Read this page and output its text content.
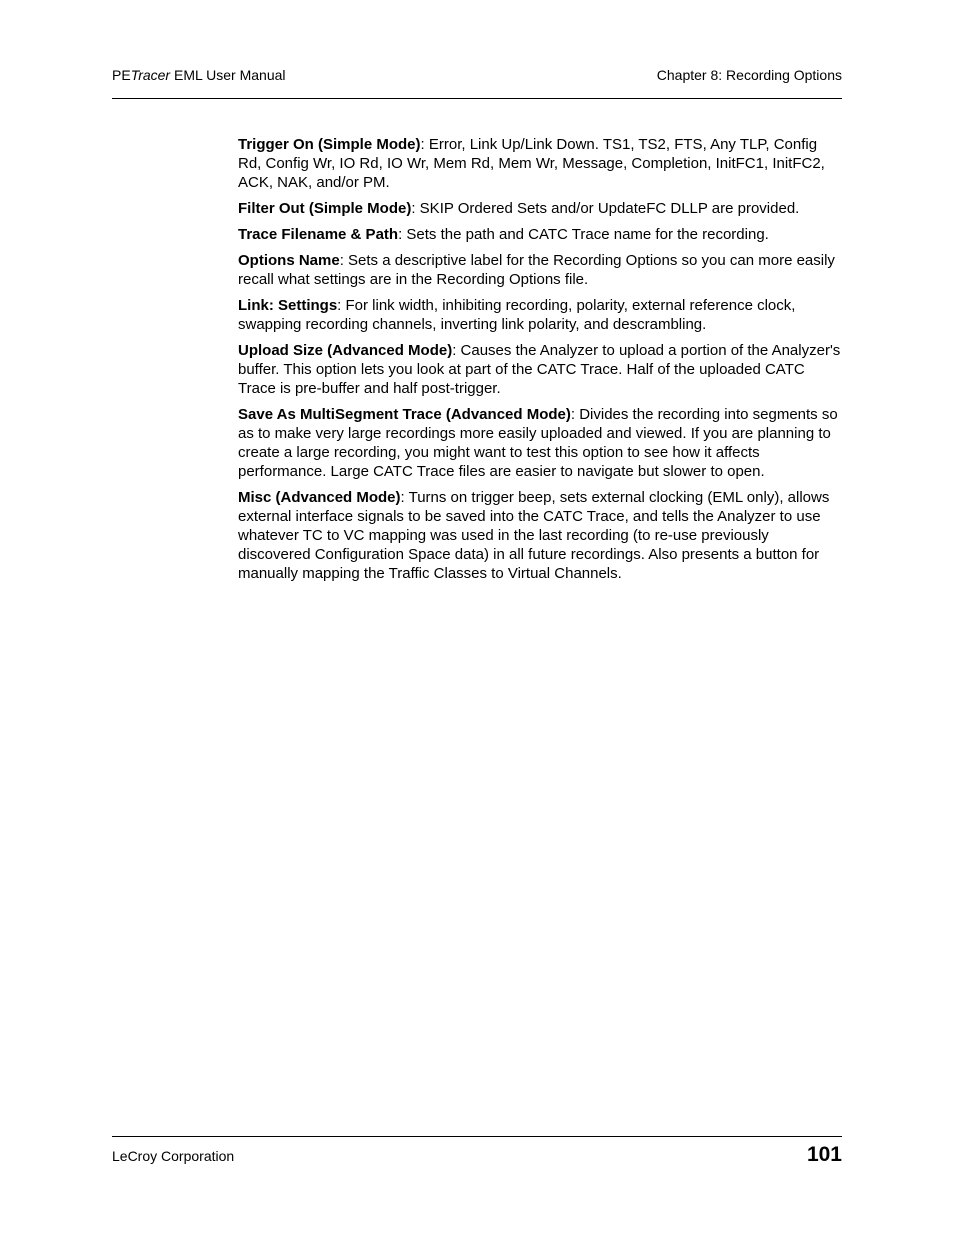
PETracer EML User Manual	Chapter 8: Recording Options

Trigger On (Simple Mode): Error, Link Up/Link Down. TS1, TS2, FTS, Any TLP, Config Rd, Config Wr, IO Rd, IO Wr, Mem Rd, Mem Wr, Message, Completion, InitFC1, InitFC2, ACK, NAK, and/or PM.

Filter Out (Simple Mode): SKIP Ordered Sets and/or UpdateFC DLLP are provided.

Trace Filename & Path: Sets the path and CATC Trace name for the recording.

Options Name: Sets a descriptive label for the Recording Options so you can more easily recall what settings are in the Recording Options file.

Link: Settings: For link width, inhibiting recording, polarity, external reference clock, swapping recording channels, inverting link polarity, and descrambling.

Upload Size (Advanced Mode): Causes the Analyzer to upload a portion of the Analyzer's buffer. This option lets you look at part of the CATC Trace. Half of the uploaded CATC Trace is pre-buffer and half post-trigger.

Save As MultiSegment Trace (Advanced Mode): Divides the recording into segments so as to make very large recordings more easily uploaded and viewed. If you are planning to create a large recording, you might want to test this option to see how it affects performance. Large CATC Trace files are easier to navigate but slower to open.

Misc (Advanced Mode): Turns on trigger beep, sets external clocking (EML only), allows external interface signals to be saved into the CATC Trace, and tells the Analyzer to use whatever TC to VC mapping was used in the last recording (to re-use previously discovered Configuration Space data) in all future recordings. Also presents a button for manually mapping the Traffic Classes to Virtual Channels.

LeCroy Corporation	101
